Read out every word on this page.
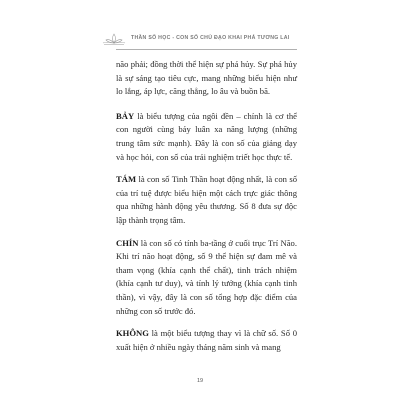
THẦN SỐ HỌC - CON SỐ CHỦ ĐẠO KHAI PHÁ TƯƠNG LAI

não phải; đồng thời thể hiện sự phá hủy. Sự phá hủy là sự sáng tạo tiêu cực, mang những biểu hiện như lo lắng, áp lực, căng thẳng, lo âu và buồn bã.

BẢY là biểu tượng của ngôi đền – chính là cơ thể con người cùng bảy luân xa năng lượng (những trung tâm sức mạnh). Đây là con số của giảng dạy và học hỏi, con số của trải nghiệm triết học thực tế.

TÁM là con số Tinh Thần hoạt động nhất, là con số của trí tuệ được biểu hiện một cách trực giác thông qua những hành động yêu thương. Số 8 đưa sự độc lập thành trọng tâm.

CHÍN là con số có tính ba-tầng ở cuối trục Trí Não. Khi trí não hoạt động, số 9 thể hiện sự đam mê và tham vọng (khía cạnh thể chất), tinh trách nhiệm (khía cạnh tư duy), và tính lý tưởng (khía cạnh tinh thần), vì vậy, đây là con số tổng hợp đặc điểm của những con số trước đó.

KHÔNG là một biểu tượng thay vì là chữ số. Số 0 xuất hiện ở nhiều ngày tháng năm sinh và mang

19
